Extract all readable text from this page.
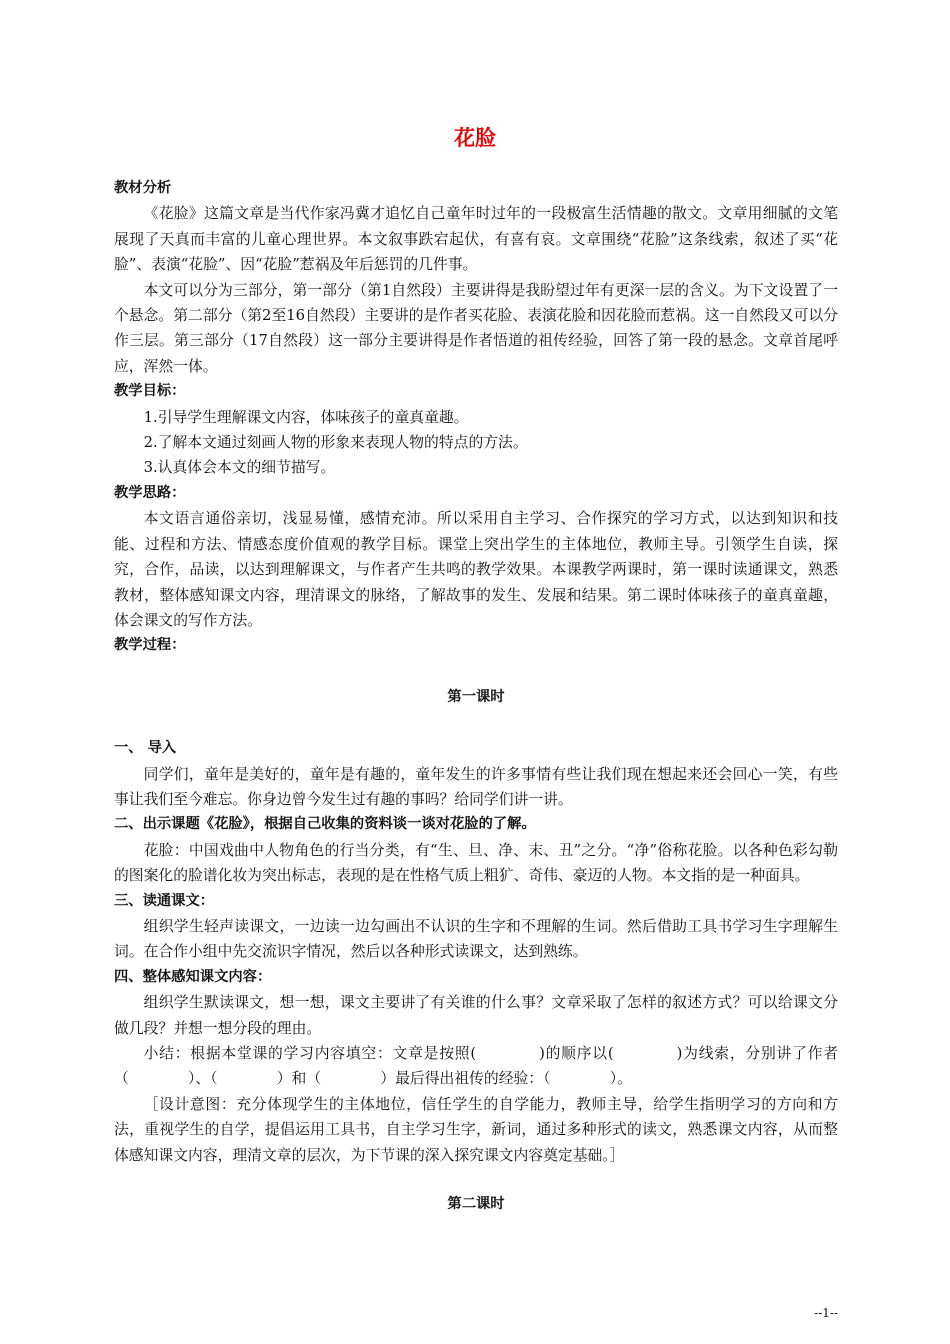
花脸
教材分析
《花脸》这篇文章是当代作家冯冀才追忆自己童年时过年的一段极富生活情趣的散文。文章用细腻的文笔展现了天真而丰富的儿童心理世界。本文叙事跌宕起伏，有喜有哀。文章围绕“花脸”这条线索，叙述了买“花脸”、表演“花脸”、因“花脸”惹祸及年后惩罚的几件事。
本文可以分为三部分，第一部分（第1自然段）主要讲得是我盼望过年有更深一层的含义。为下文设置了一个悬念。第二部分（第2至16自然段）主要讲的是作者买花脸、表演花脸和因花脸而惹祸。这一自然段又可以分作三层。第三部分（17自然段）这一部分主要讲得是作者悟道的祖传经验，回答了第一段的悬念。文章首尾呼应，浑然一体。
教学目标：
1.引导学生理解课文内容，体味孩子的童真童趣。
2.了解本文通过刻画人物的形象来表现人物的特点的方法。
3.认真体会本文的细节描写。
教学思路：
本文语言通俗亲切，浅显易懂，感情充沛。所以采用自主学习、合作探究的学习方式，以达到知识和技能、过程和方法、情感态度价值观的教学目标。课堂上突出学生的主体地位，教师主导。引领学生自读，探究，合作，品读，以达到理解课文，与作者产生共鸣的教学效果。本课教学两课时，第一课时读通课文，熟悉教材，整体感知课文内容，理清课文的脉络，了解故事的发生、发展和结果。第二课时体味孩子的童真童趣，体会课文的写作方法。
教学过程：
第一课时
一、 导入
同学们，童年是美好的，童年是有趣的，童年发生的许多事情有些让我们现在想起来还会回心一笑，有些事让我们至今难忘。你身边曾今发生过有趣的事吗？给同学们讲一讲。
二、出示课题《花脸》，根据自己收集的资料谈一谈对花脸的了解。
花脸：中国戏曲中人物角色的行当分类，有“生、旦、净、末、丑”之分。“净”俗称花脸。以各种色彩勾勒的图案化的脸谱化妆为突出标志，表现的是在性格气质上粗犷、奇伟、豪迈的人物。本文指的是一种面具。
三、读通课文：
组织学生轻声读课文，一边读一边勾画出不认识的生字和不理解的生词。然后借助工具书学习生字理解生词。在合作小组中先交流识字情况，然后以各种形式读课文，达到熟练。
四、整体感知课文内容：
组织学生默读课文，想一想，课文主要讲了有关谁的什么事？文章采取了怎样的叙述方式？可以给课文分做几段？并想一想分段的理由。
小结：根据本堂课的学习内容填空：文章是按照(　　　　)的顺序以(　　　　)为线索，分别讲了作者（　　　　）、（　　　　）和（　　　　）最后得出祖传的经验：（　　　　）。
［设计意图：充分体现学生的主体地位，信任学生的自学能力，教师主导，给学生指明学习的方向和方法，重视学生的自学，提倡运用工具书，自主学习生字，新词，通过多种形式的读文，熟悉课文内容，从而整体感知课文内容，理清文章的层次，为下节课的深入探究课文内容奠定基础。］
第二课时
--1--
